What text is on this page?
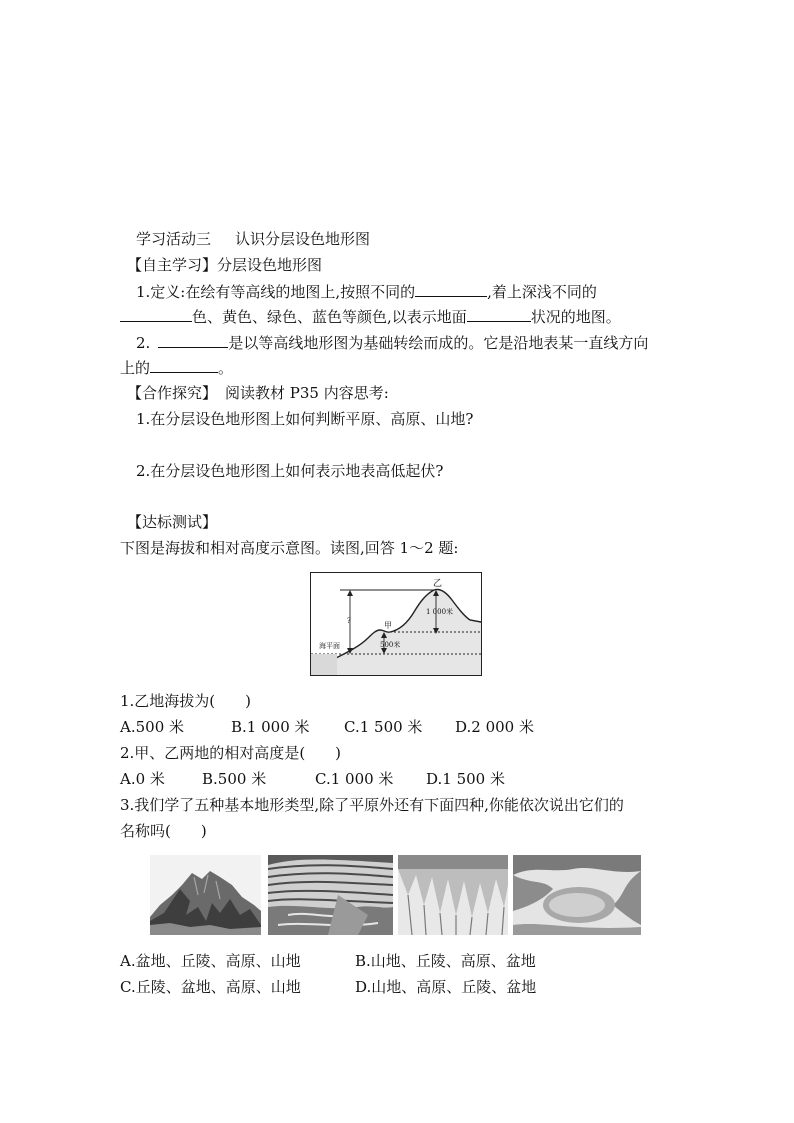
学习活动三 认识分层设色地形图
【自主学习】分层设色地形图
1.定义:在绘有等高线的地图上,按照不同的	,着上深浅不同的
色、黄色、绿色、蓝色等颜色,以表示地面	状况的地图。
2.	是以等高线地形图为基础转绘而成的。它是沿地表某一直线方向
上的	。
【合作探究】 阅读教材 P35 内容思考:
1.在分层设色地形图上如何判断平原、高原、山地?
2.在分层设色地形图上如何表示地表高低起伏?
【达标测试】
下图是海拔和相对高度示意图。读图,回答 1～2 题:
乙
甲
1 000米
500米
?
海平面
1.乙地海拔为(　　)
A.500 米	B.1 000 米 C.1 500 米 D.2 000 米
2.甲、乙两地的相对高度是(　　)
A.0 米 B.500 米	C.1 000 米 D.1 500 米
3.我们学了五种基本地形类型,除了平原外还有下面四种,你能依次说出它们的
名称吗(　　)
A.盆地、丘陵、高原、山地	B.山地、丘陵、高原、盆地
C.丘陵、盆地、高原、山地	D.山地、高原、丘陵、盆地
